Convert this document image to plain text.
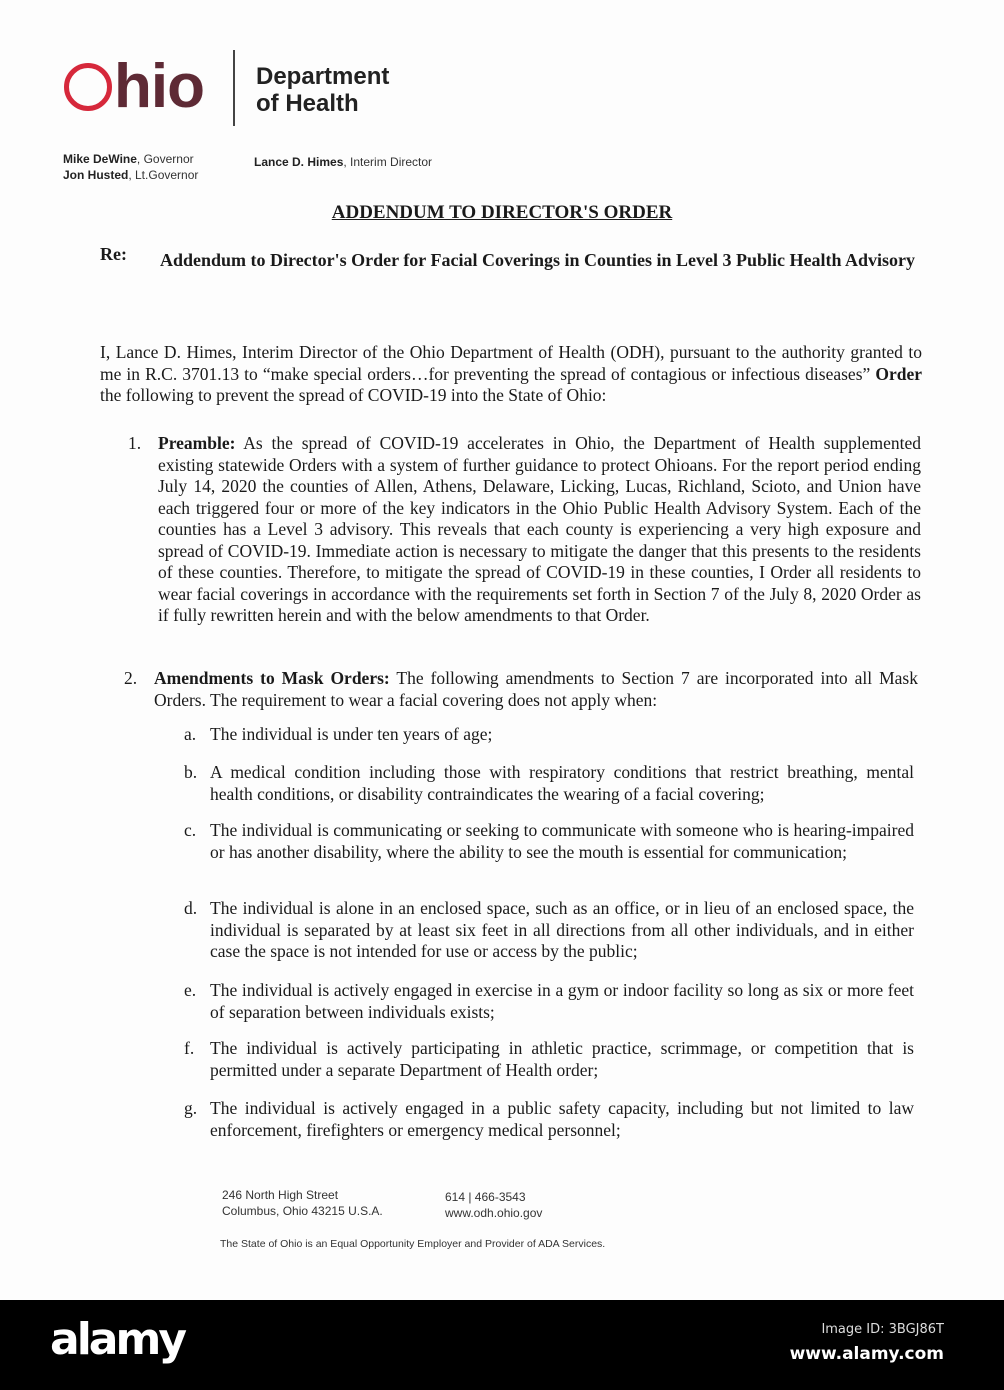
hio Department
of Health
Mike DeWine, Governor
Jon Husted, Lt.Governor
Lance D. Himes, Interim Director
ADDENDUM TO DIRECTOR'S ORDER
Re: Addendum to Director's Order for Facial Coverings in Counties in Level 3 Public Health Advisory
I, Lance D. Himes, Interim Director of the Ohio Department of Health (ODH), pursuant to the authority granted to me in R.C. 3701.13 to “make special orders…for preventing the spread of contagious or infectious diseases” Order the following to prevent the spread of COVID-19 into the State of Ohio:
1. Preamble: As the spread of COVID-19 accelerates in Ohio, the Department of Health supplemented existing statewide Orders with a system of further guidance to protect Ohioans. For the report period ending July 14, 2020 the counties of Allen, Athens, Delaware, Licking, Lucas, Richland, Scioto, and Union have each triggered four or more of the key indicators in the Ohio Public Health Advisory System. Each of the counties has a Level 3 advisory. This reveals that each county is experiencing a very high exposure and spread of COVID-19. Immediate action is necessary to mitigate the danger that this presents to the residents of these counties. Therefore, to mitigate the spread of COVID-19 in these counties, I Order all residents to wear facial coverings in accordance with the requirements set forth in Section 7 of the July 8, 2020 Order as if fully rewritten herein and with the below amendments to that Order.
2. Amendments to Mask Orders: The following amendments to Section 7 are incorporated into all Mask Orders. The requirement to wear a facial covering does not apply when:
a. The individual is under ten years of age;
b. A medical condition including those with respiratory conditions that restrict breathing, mental health conditions, or disability contraindicates the wearing of a facial covering;
c. The individual is communicating or seeking to communicate with someone who is hearing-impaired or has another disability, where the ability to see the mouth is essential for communication;
d. The individual is alone in an enclosed space, such as an office, or in lieu of an enclosed space, the individual is separated by at least six feet in all directions from all other individuals, and in either case the space is not intended for use or access by the public;
e. The individual is actively engaged in exercise in a gym or indoor facility so long as six or more feet of separation between individuals exists;
f. The individual is actively participating in athletic practice, scrimmage, or competition that is permitted under a separate Department of Health order;
g. The individual is actively engaged in a public safety capacity, including but not limited to law enforcement, firefighters or emergency medical personnel;
246 North High Street
Columbus, Ohio 43215 U.S.A.
614 | 466-3543
www.odh.ohio.gov
The State of Ohio is an Equal Opportunity Employer and Provider of ADA Services.
alamy	Image ID: 3BGJ86T
www.alamy.com
